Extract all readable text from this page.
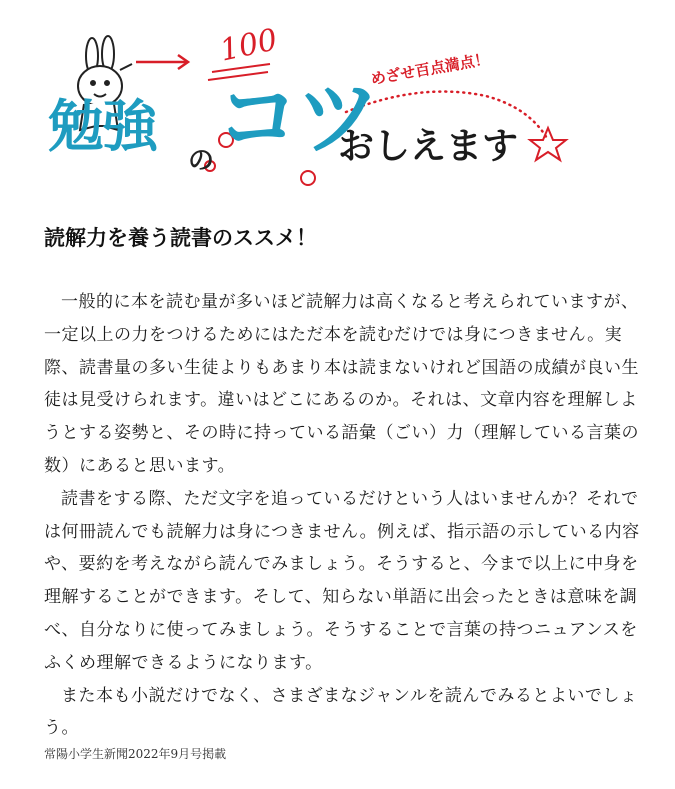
100
めざせ百点満点！
勉強
の コツ
おしえます
読解力を養う読書のススメ！

一般的に本を読む量が多いほど読解力は高くなると考えられていますが、一定以上の力をつけるためにはただ本を読むだけでは身につきません。実際、読書量の多い生徒よりもあまり本は読まないけれど国語の成績が良い生徒は見受けられます。違いはどこにあるのか。それは、文章内容を理解しようとする姿勢と、その時に持っている語彙（ごい）力（理解している言葉の数）にあると思います。

読書をする際、ただ文字を追っているだけという人はいませんか？それでは何冊読んでも読解力は身につきません。例えば、指示語の示している内容や、要約を考えながら読んでみましょう。そうすると、今まで以上に中身を理解することができます。そして、知らない単語に出会ったときは意味を調べ、自分なりに使ってみましょう。そうすることで言葉の持つニュアンスをふくめ理解できるようになります。

また本も小説だけでなく、さまざまなジャンルを読んでみるとよいでしょう。

常陽小学生新聞2022年9月号掲載
